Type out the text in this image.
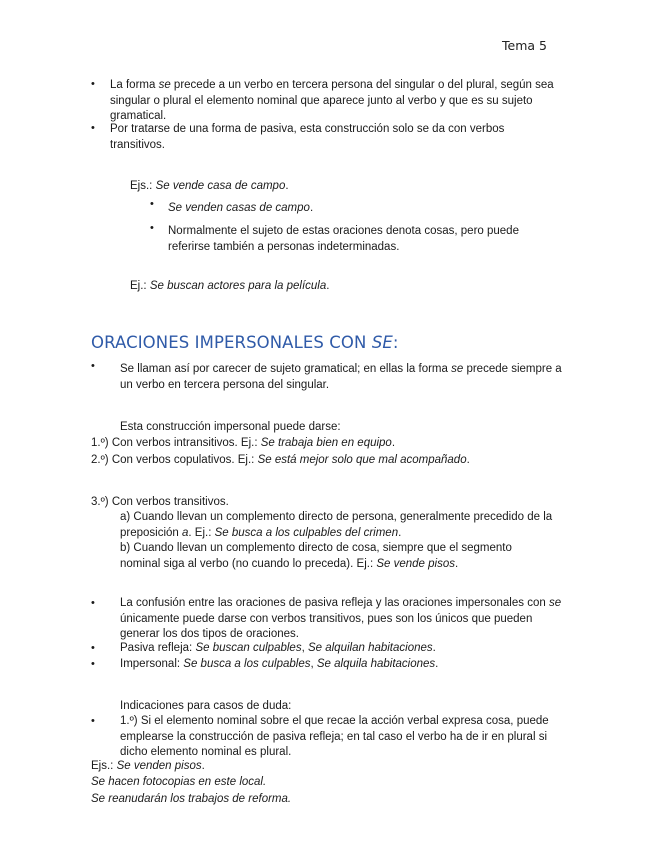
Tema 5
• La forma se precede a un verbo en tercera persona del singular o del plural, según sea singular o plural el elemento nominal que aparece junto al verbo y que es su sujeto gramatical.
• Por tratarse de una forma de pasiva, esta construcción solo se da con verbos transitivos.
Ejs.: Se vende casa de campo.
• Se venden casas de campo.
• Normalmente el sujeto de estas oraciones denota cosas, pero puede referirse también a personas indeterminadas.
Ej.: Se buscan actores para la película.
ORACIONES IMPERSONALES CON SE:
• Se llaman así por carecer de sujeto gramatical; en ellas la forma se precede siempre a un verbo en tercera persona del singular.
Esta construcción impersonal puede darse:
1.º) Con verbos intransitivos. Ej.: Se trabaja bien en equipo.
2.º) Con verbos copulativos. Ej.: Se está mejor solo que mal acompañado.
3.º) Con verbos transitivos.
a) Cuando llevan un complemento directo de persona, generalmente precedido de la preposición a. Ej.: Se busca a los culpables del crimen.
b) Cuando llevan un complemento directo de cosa, siempre que el segmento nominal siga al verbo (no cuando lo preceda). Ej.: Se vende pisos.
• La confusión entre las oraciones de pasiva refleja y las oraciones impersonales con se únicamente puede darse con verbos transitivos, pues son los únicos que pueden generar los dos tipos de oraciones.
• Pasiva refleja: Se buscan culpables, Se alquilan habitaciones.
• Impersonal: Se busca a los culpables, Se alquila habitaciones.
Indicaciones para casos de duda:
• 1.º) Si el elemento nominal sobre el que recae la acción verbal expresa cosa, puede emplearse la construcción de pasiva refleja; en tal caso el verbo ha de ir en plural si dicho elemento nominal es plural.
Ejs.: Se venden pisos.
Se hacen fotocopias en este local.
Se reanudarán los trabajos de reforma.
